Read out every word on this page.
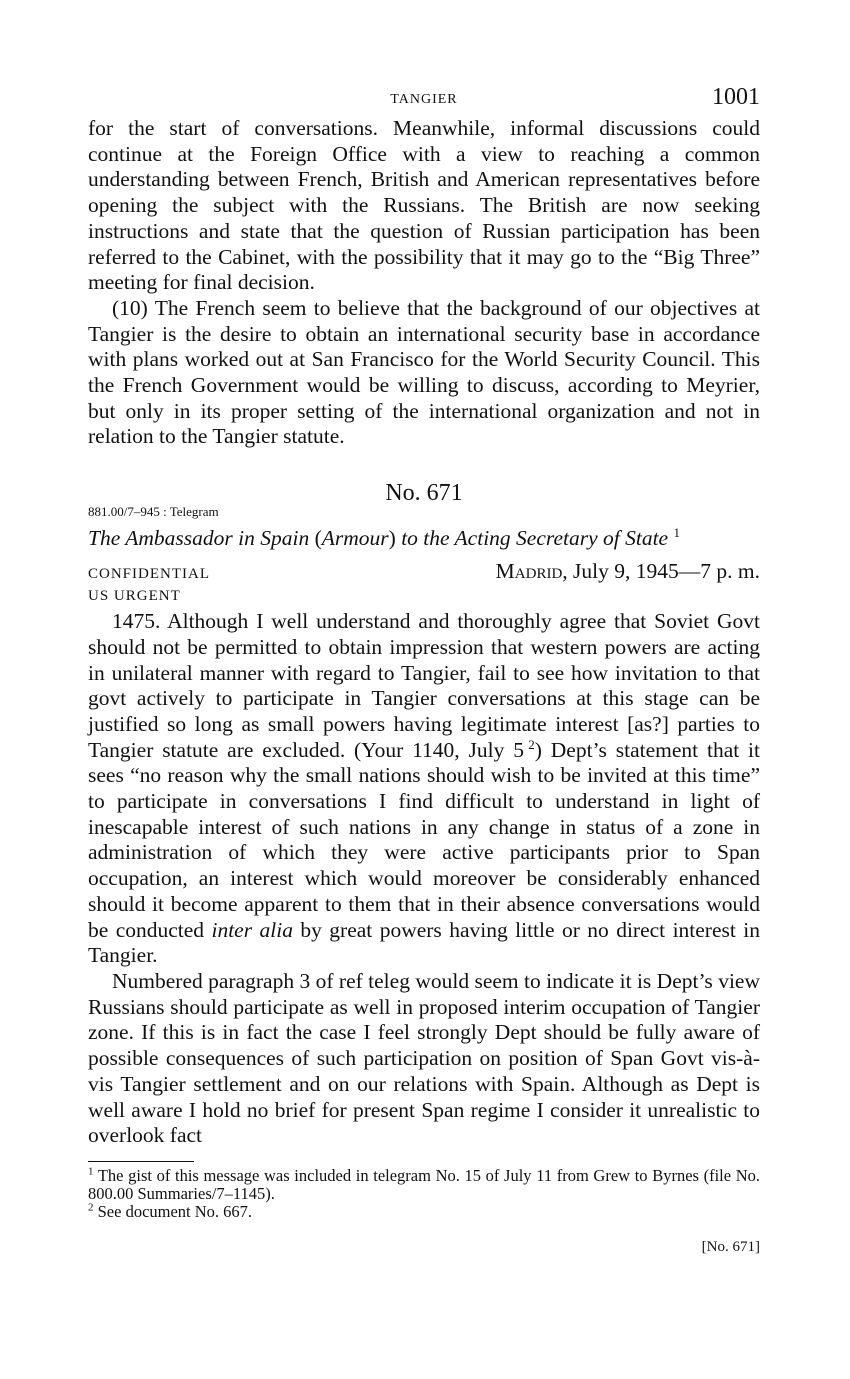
TANGIER	1001

for the start of conversations. Meanwhile, informal discussions could continue at the Foreign Office with a view to reaching a common understanding between French, British and American representatives before opening the subject with the Russians. The British are now seeking instructions and state that the question of Russian participation has been referred to the Cabinet, with the possibility that it may go to the “Big Three” meeting for final decision.

(10) The French seem to believe that the background of our objectives at Tangier is the desire to obtain an international security base in accordance with plans worked out at San Francisco for the World Security Council. This the French Government would be willing to discuss, according to Meyrier, but only in its proper setting of the international organization and not in relation to the Tangier statute.

No. 671
881.00/7–945 : Telegram
The Ambassador in Spain (Armour) to the Acting Secretary of State $^1$
CONFIDENTIAL	Madrid, July 9, 1945—7 p. m.
US URGENT

1475. Although I well understand and thoroughly agree that Soviet Govt should not be permitted to obtain impression that western powers are acting in unilateral manner with regard to Tangier, fail to see how invitation to that govt actively to participate in Tangier conversations at this stage can be justified so long as small powers having legitimate interest [as?] parties to Tangier statute are excluded. (Your 1140, July 5  $^2$) Dept’s statement that it sees “no reason why the small nations should wish to be invited at this time” to participate in conversations I find difficult to understand in light of inescapable interest of such nations in any change in status of a zone in administration of which they were active participants prior to Span occupation, an interest which would moreover be considerably enhanced should it become apparent to them that in their absence conversations would be conducted inter alia by great powers having little or no direct interest in Tangier.

Numbered paragraph 3 of ref teleg would seem to indicate it is Dept’s view Russians should participate as well in proposed interim occupation of Tangier zone. If this is in fact the case I feel strongly Dept should be fully aware of possible consequences of such participation on position of Span Govt vis-à-vis Tangier settlement and on our relations with Spain. Although as Dept is well aware I hold no brief for present Span regime I consider it unrealistic to overlook fact

$^1$ The gist of this message was included in telegram No. 15 of July 11 from Grew to Byrnes (file No. 800.00 Summaries/7–1145).
$^2$ See document No. 667.
[No. 671]
